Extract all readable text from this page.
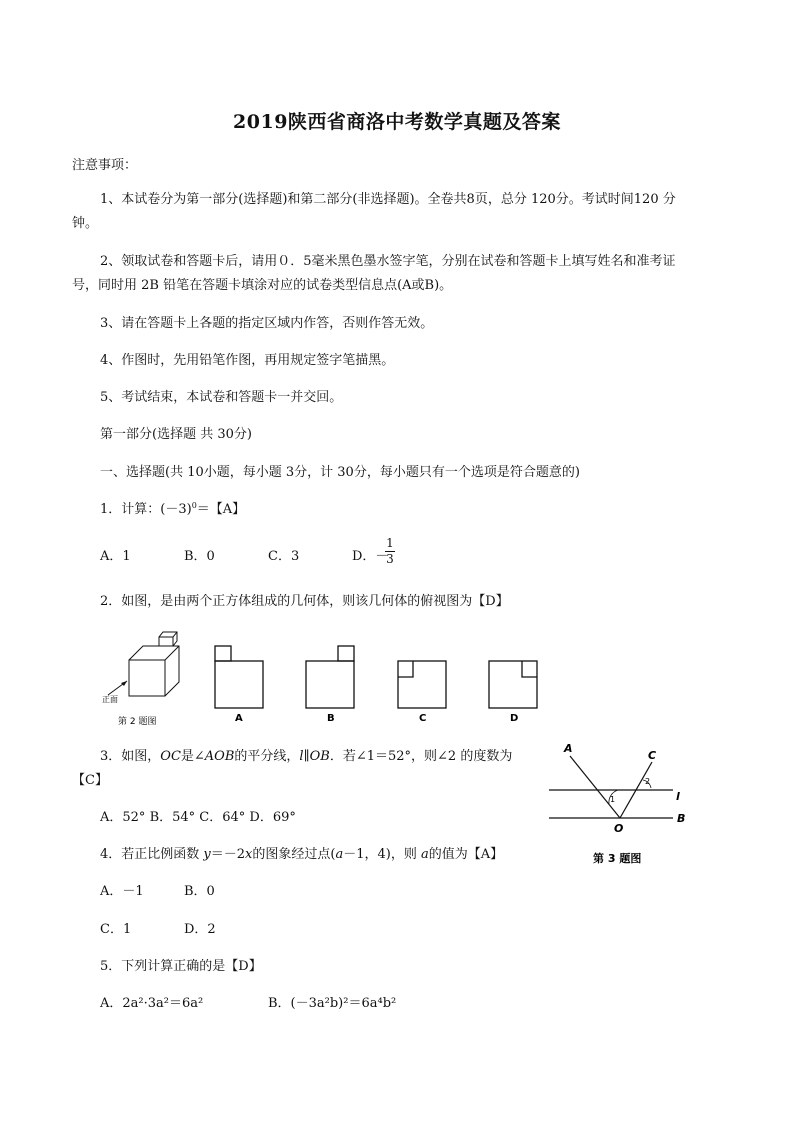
2019陕西省商洛中考数学真题及答案
注意事项：
1、本试卷分为第一部分(选择题)和第二部分(非选择题)。全卷共8页，总分 120分。考试时间120 分
钟。
2、领取试卷和答题卡后，请用０．5毫米黑色墨水签字笔，分别在试卷和答题卡上填写姓名和准考证
号，同时用 2B 铅笔在答题卡填涂对应的试卷类型信息点(A或B)。
3、请在答题卡上各题的指定区域内作答，否则作答无效。
4、作图时，先用铅笔作图，再用规定签字笔描黑。
5、考试结束，本试卷和答题卡一并交回。
第一部分(选择题 共 30分)
一、选择题(共 10小题，每小题 3分，计 30分，每小题只有一个选项是符合题意的)
1．计算：$(-3)^0=$【A】
A．1	B．0	C．3	D．－
1
3
2．如图，是由两个正方体组成的几何体，则该几何体的俯视图为【D】
正面
第 2 题图	A	B	C	D
3．如图，OC是∠AOB的平分线，l∥OB．若∠1＝52°，则∠2 的度数为
【C】
A．52° B．54° C．64° D．69°
A
C
l
O
B
1
2
第 3 题图
4．若正比例函数 y＝－2x的图象经过点(a－1，4)，则 a的值为【A】
A．－1	B．0
C．1	D．2
5．下列计算正确的是【D】
A．2a²·3a²＝6a²	B．(－3a²b)²＝6a⁴b²
